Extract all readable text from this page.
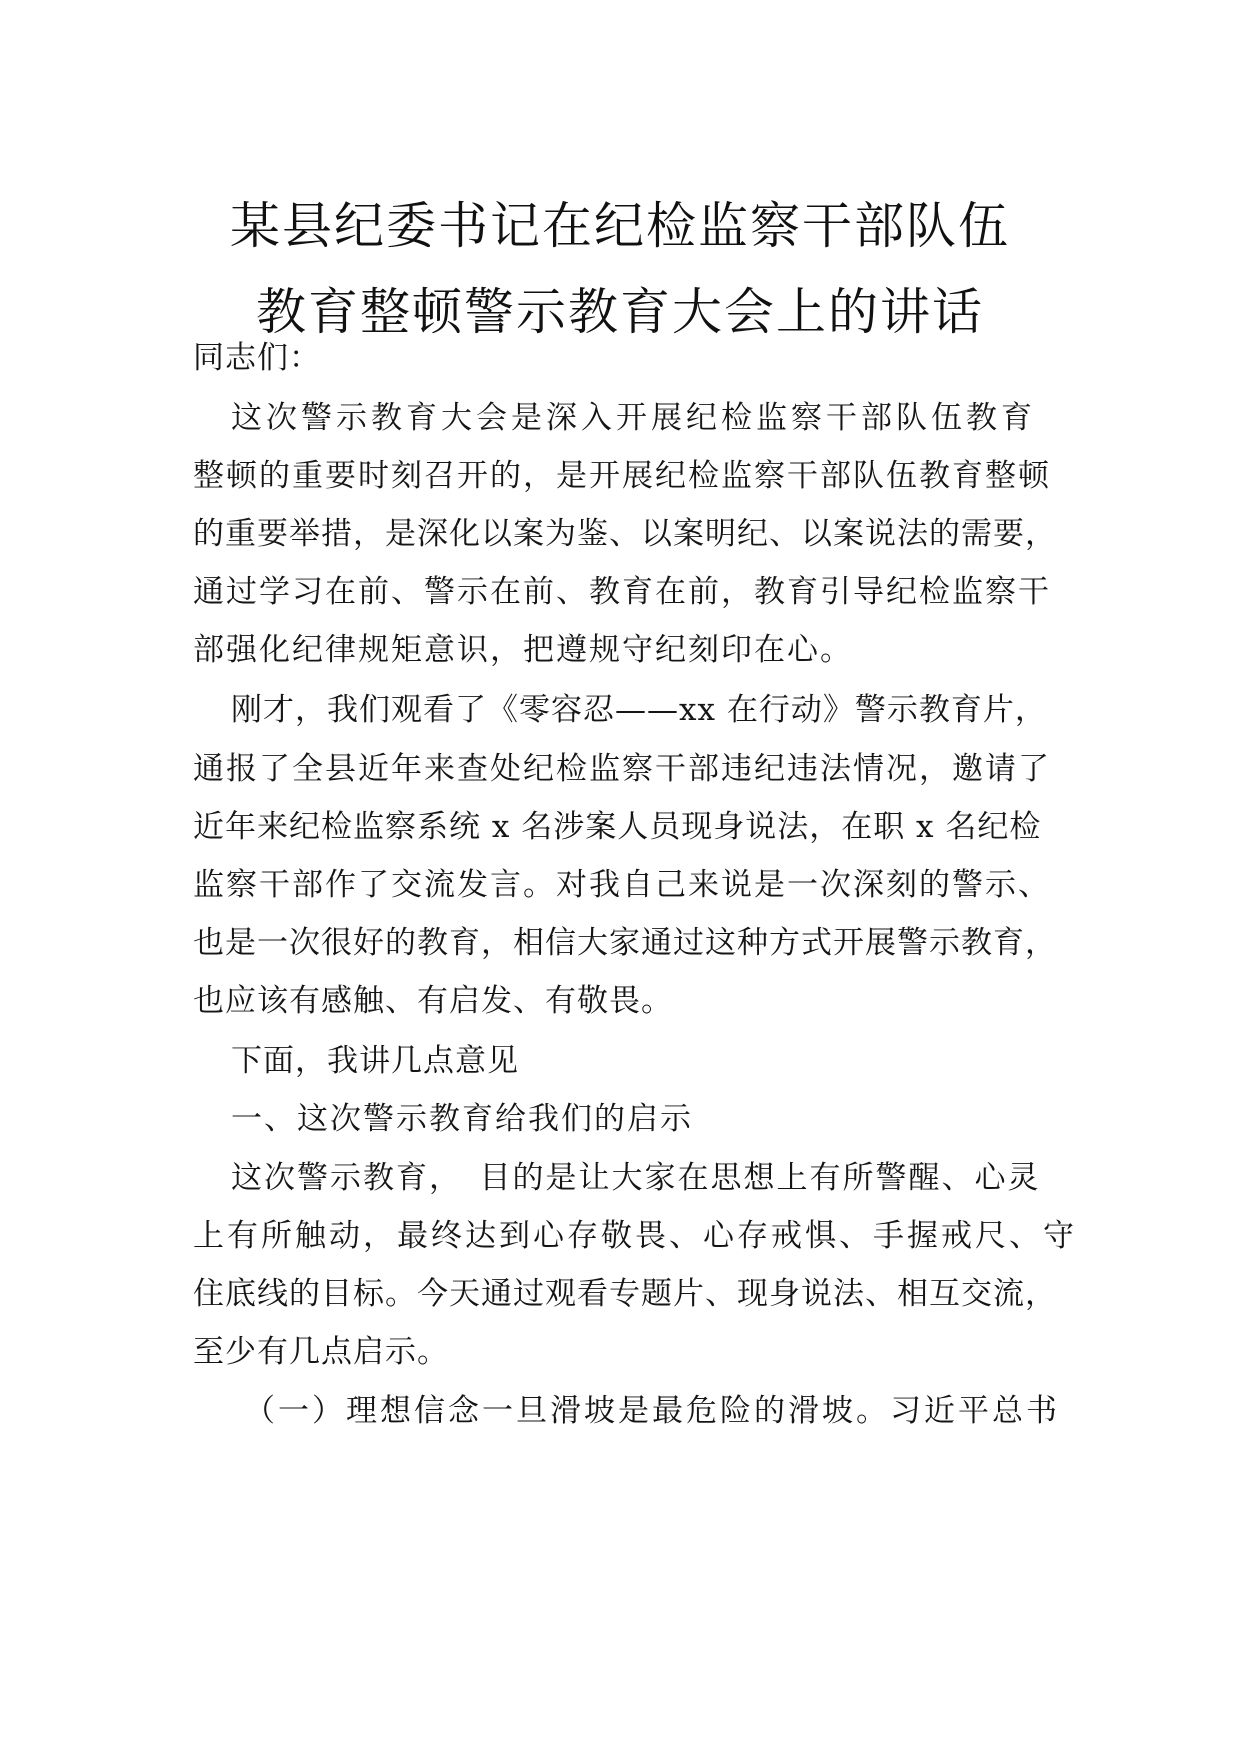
某县纪委书记在纪检监察干部队伍
教育整顿警示教育大会上的讲话
同志们：
这次警示教育大会是深入开展纪检监察干部队伍教育
整顿的重要时刻召开的，是开展纪检监察干部队伍教育整顿
的重要举措，是深化以案为鉴、以案明纪、以案说法的需要，
通过学习在前、警示在前、教育在前，教育引导纪检监察干
部强化纪律规矩意识，把遵规守纪刻印在心。
刚才，我们观看了《零容忍——xx 在行动》警示教育片，
通报了全县近年来查处纪检监察干部违纪违法情况，邀请了
近年来纪检监察系统 x 名涉案人员现身说法，在职 x 名纪检
监察干部作了交流发言。对我自己来说是一次深刻的警示、
也是一次很好的教育，相信大家通过这种方式开展警示教育，
也应该有感触、有启发、有敬畏。
下面，我讲几点意见
一、这次警示教育给我们的启示
这次警示教育，　目的是让大家在思想上有所警醒、心灵
上有所触动，最终达到心存敬畏、心存戒惧、手握戒尺、守
住底线的目标。今天通过观看专题片、现身说法、相互交流，
至少有几点启示。
（一）理想信念一旦滑坡是最危险的滑坡。习近平总书
